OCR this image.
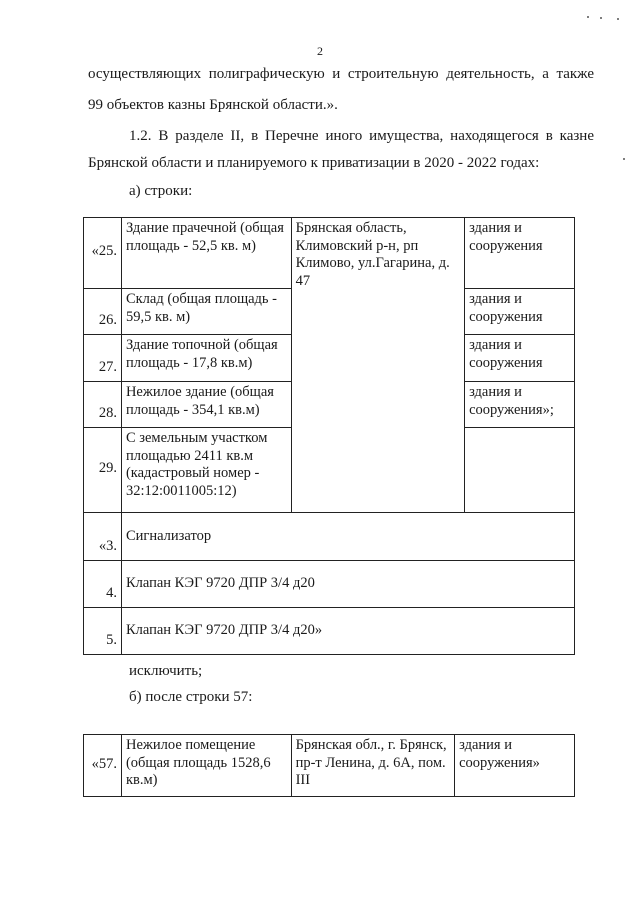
2
осуществляющих полиграфическую и строительную деятельность, а также
99 объектов казны Брянской области.».
1.2. В разделе II, в Перечне иного имущества, находящегося в казне
Брянской области и планируемого к приватизации в 2020 - 2022 годах:
а) строки:
«25.	Здание прачечной (общая площадь - 52,5 кв. м)	Брянская область, Климовский р-н, рп Климово, ул.Гагарина, д. 47	здания и сооружения
26.	Склад (общая площадь - 59,5 кв. м)		здания и сооружения
27.	Здание топочной (общая площадь - 17,8 кв.м)		здания и сооружения
28.	Нежилое здание (общая площадь - 354,1 кв.м)		здания и сооружения»;
29.	С земельным участком площадью 2411 кв.м (кадастровый номер - 32:12:0011005:12)		
«3.	Сигнализатор
4.	Клапан КЭГ 9720 ДПР 3/4 д20
5.	Клапан КЭГ 9720 ДПР 3/4 д20»
исключить;
б) после строки 57:
«57.	Нежилое помещение (общая площадь 1528,6 кв.м)	Брянская обл., г. Брянск, пр-т Ленина, д. 6А, пом. III	здания и сооружения»
